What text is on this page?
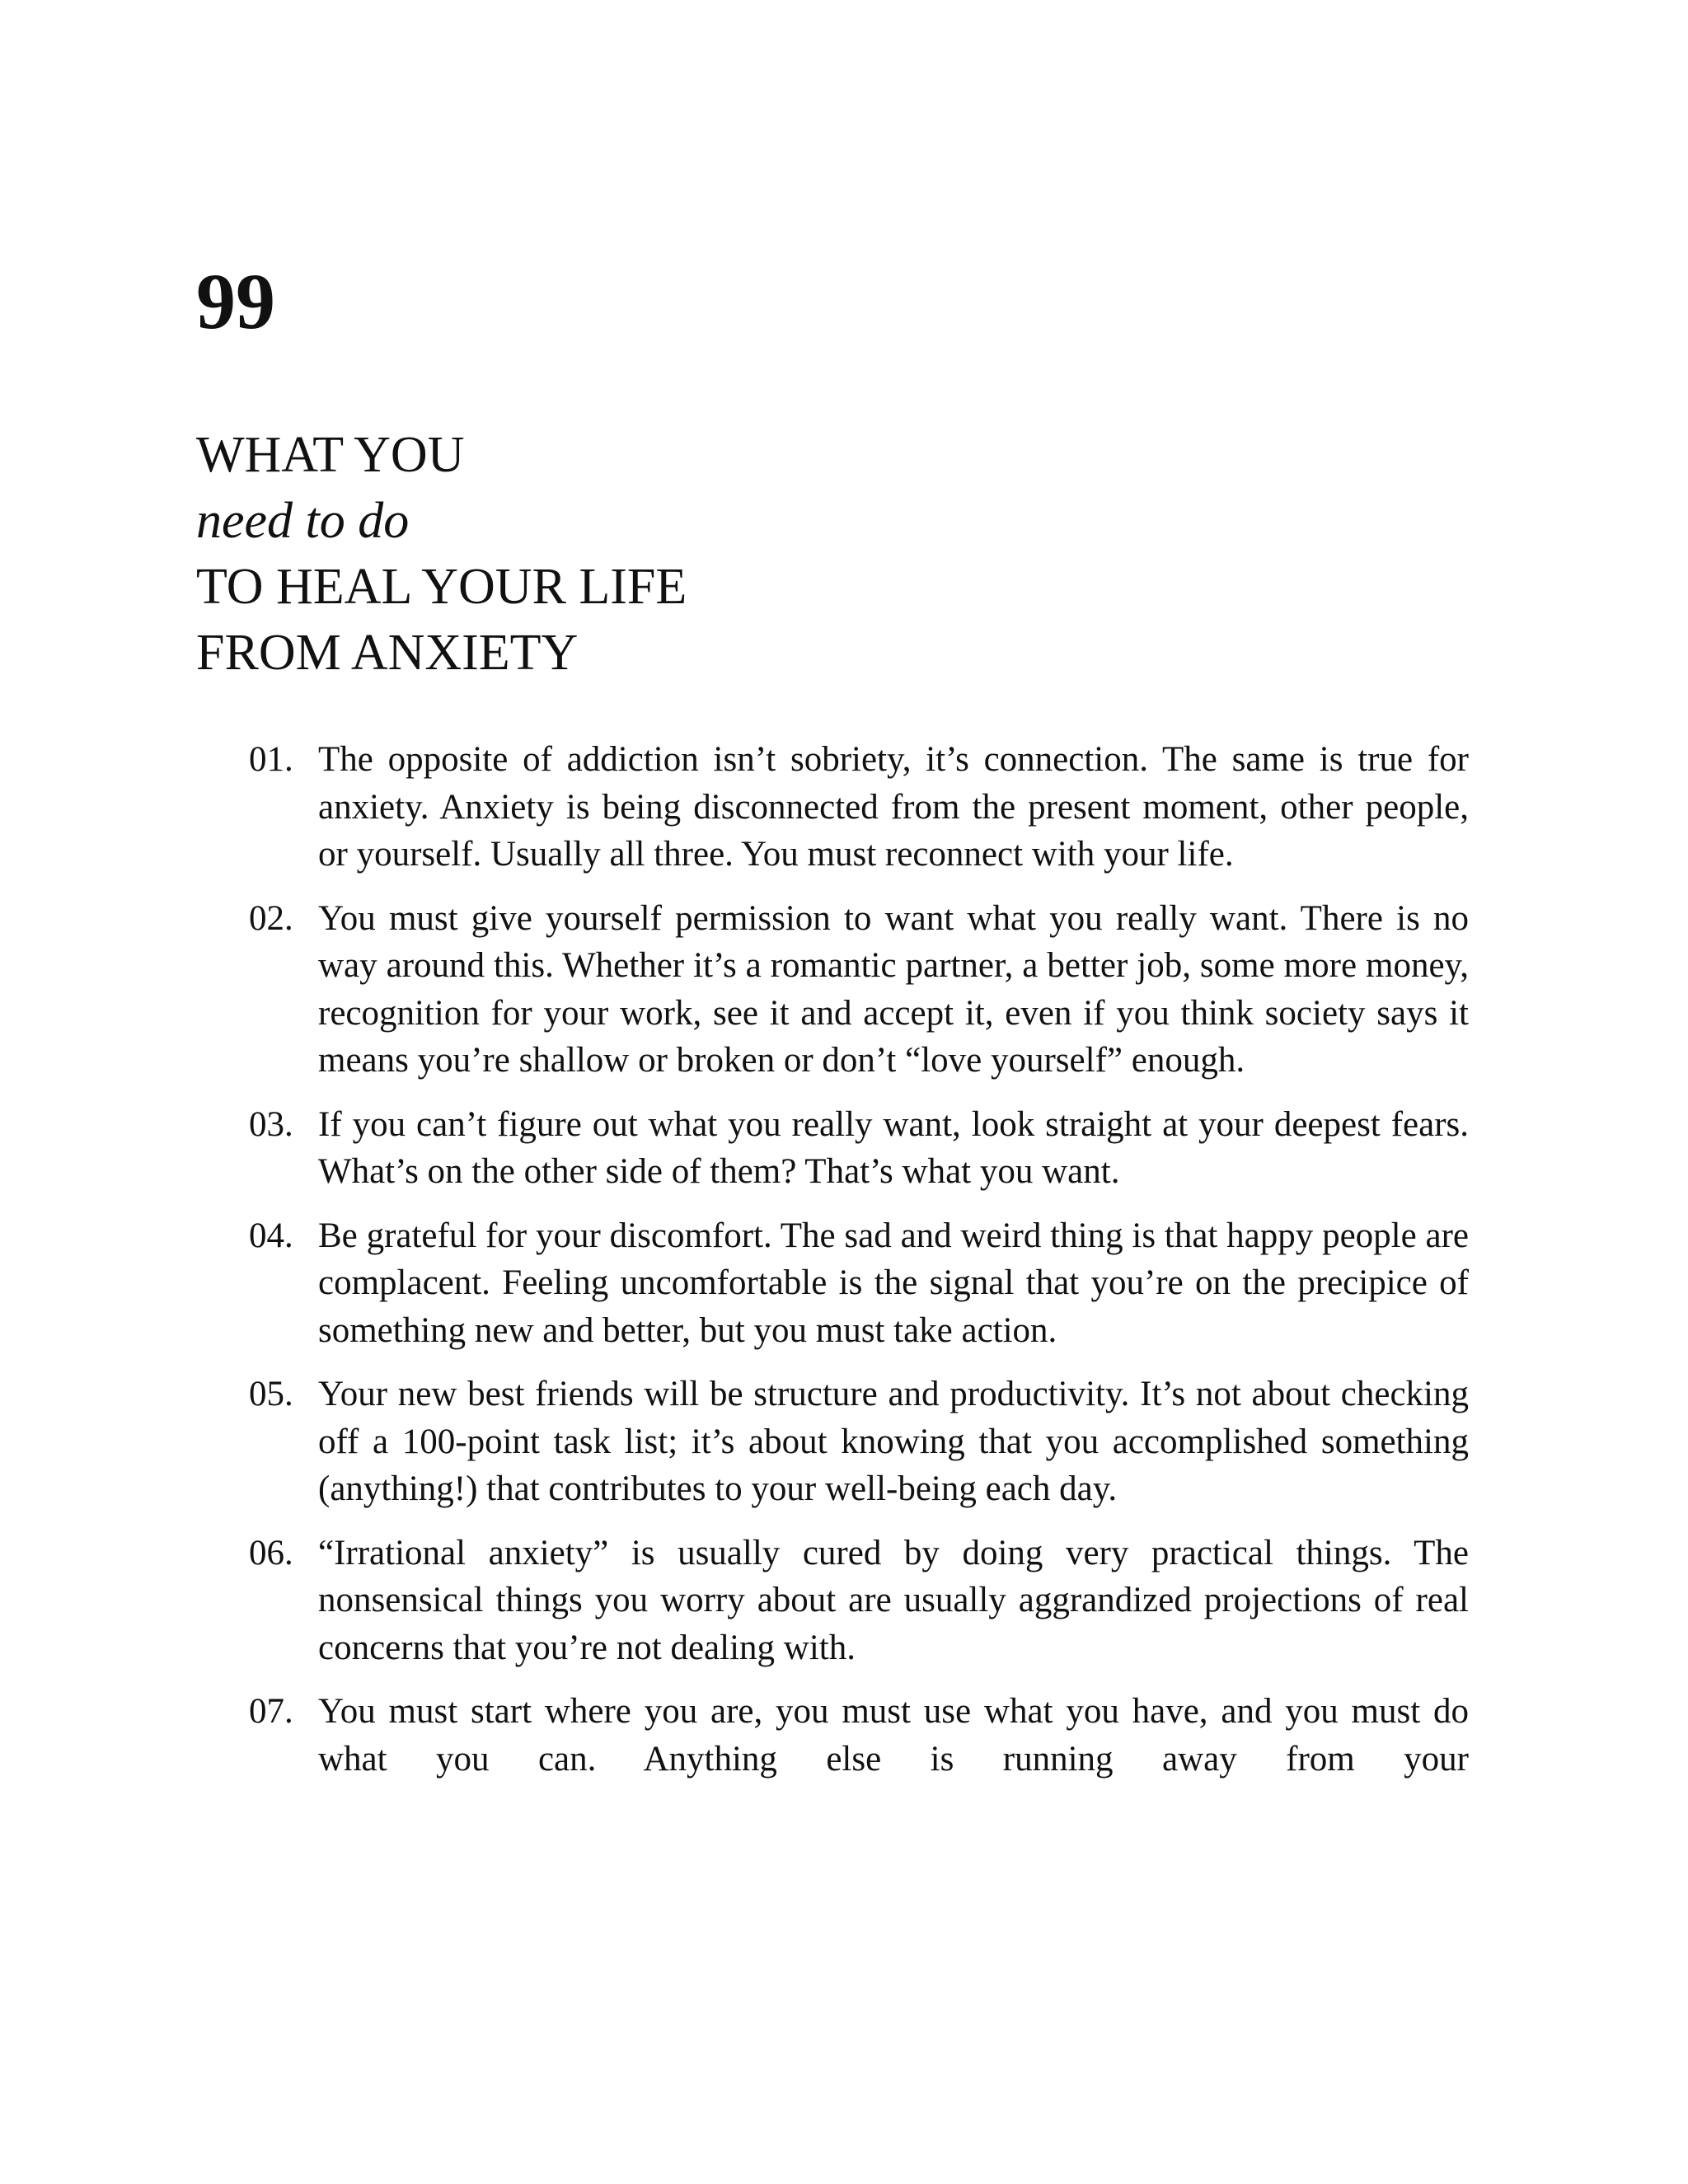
99
WHAT YOU
need to do
TO HEAL YOUR LIFE
FROM ANXIETY
01. The opposite of addiction isn’t sobriety, it’s connection. The same is true for anxiety. Anxiety is being disconnected from the present moment, other people, or yourself. Usually all three. You must reconnect with your life.
02. You must give yourself permission to want what you really want. There is no way around this. Whether it’s a romantic partner, a better job, some more money, recognition for your work, see it and accept it, even if you think society says it means you’re shallow or broken or don’t “love yourself” enough.
03. If you can’t figure out what you really want, look straight at your deepest fears. What’s on the other side of them? That’s what you want.
04. Be grateful for your discomfort. The sad and weird thing is that happy people are complacent. Feeling uncomfortable is the signal that you’re on the precipice of something new and better, but you must take action.
05. Your new best friends will be structure and productivity. It’s not about checking off a 100-point task list; it’s about knowing that you accomplished something (anything!) that contributes to your well-being each day.
06. “Irrational anxiety” is usually cured by doing very practical things. The nonsensical things you worry about are usually aggrandized projections of real concerns that you’re not dealing with.
07. You must start where you are, you must use what you have, and you must do what you can. Anything else is running away from your
